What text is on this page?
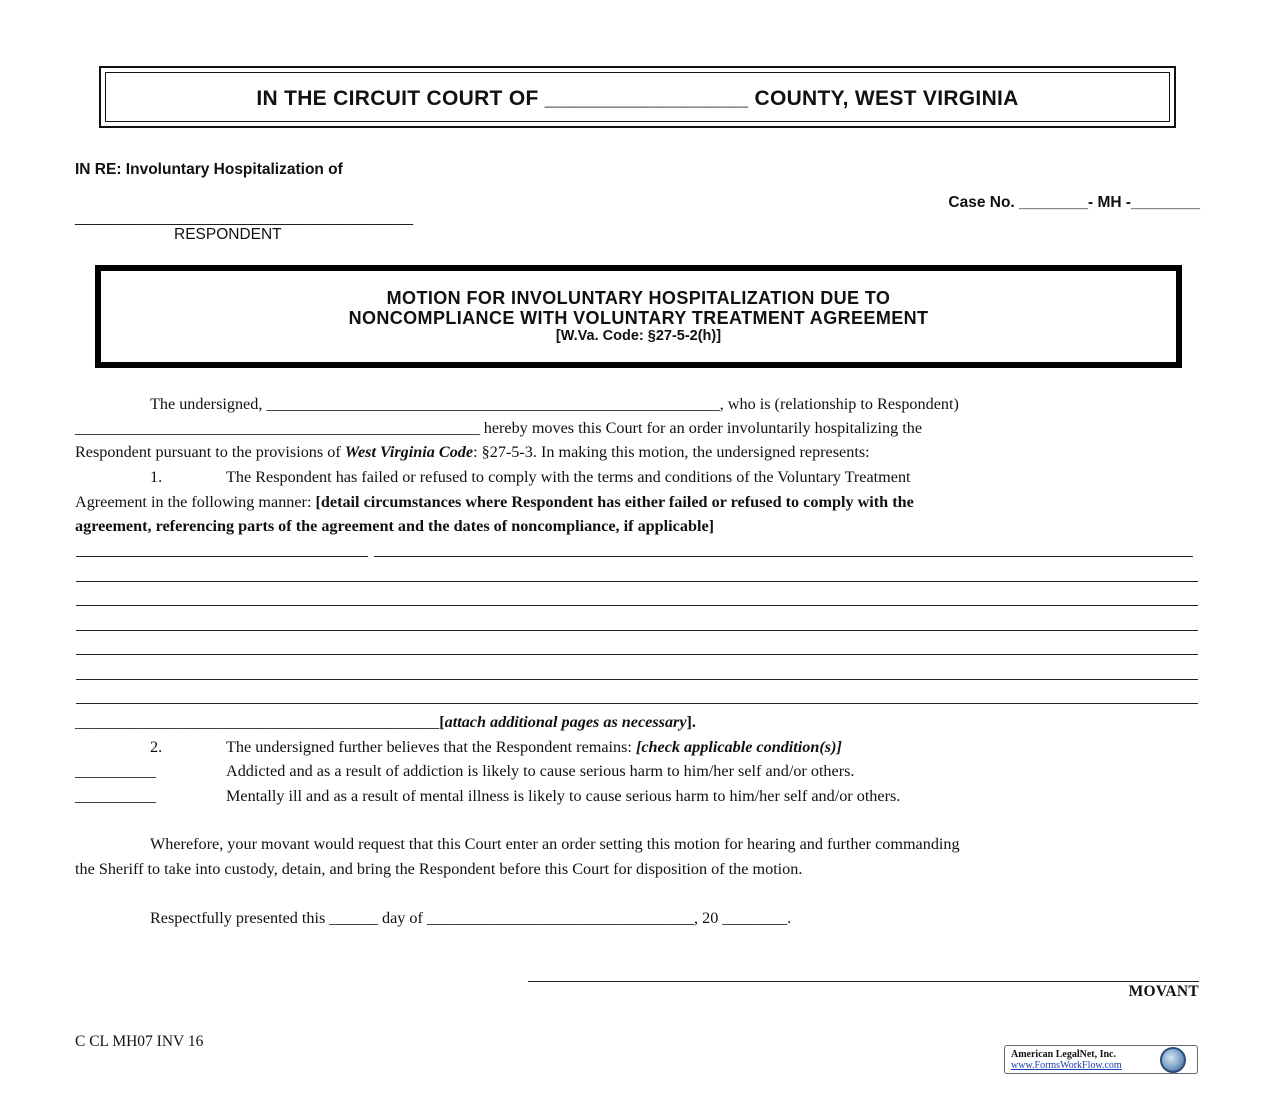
IN THE CIRCUIT COURT OF _________________ COUNTY, WEST VIRGINIA
IN RE: Involuntary Hospitalization of
Case No. ________- MH -________
__________________________________________
RESPONDENT
MOTION FOR INVOLUNTARY HOSPITALIZATION DUE TO
NONCOMPLIANCE WITH VOLUNTARY TREATMENT AGREEMENT
[W.Va. Code: §27-5-2(h)]
The undersigned, ________________________________________________________, who is (relationship to Respondent)
__________________________________________________ hereby moves this Court for an order involuntarily hospitalizing the
Respondent pursuant to the provisions of West Virginia Code: §27-5-3. In making this motion, the undersigned represents:
1.	The Respondent has failed or refused to comply with the terms and conditions of the Voluntary Treatment
Agreement in the following manner: [detail circumstances where Respondent has either failed or refused to comply with the
agreement, referencing parts of the agreement and the dates of noncompliance, if applicable]
_____________________________________________[attach additional pages as necessary].
2.	The undersigned further believes that the Respondent remains: [check applicable condition(s)]
__________	Addicted and as a result of addiction is likely to cause serious harm to him/her self and/or others.
__________	Mentally ill and as a result of mental illness is likely to cause serious harm to him/her self and/or others.
Wherefore, your movant would request that this Court enter an order setting this motion for hearing and further commanding
the Sheriff to take into custody, detain, and bring the Respondent before this Court for disposition of the motion.
Respectfully presented this ______ day of _________________________________, 20 ________.
MOVANT
C CL MH07 INV 16
American LegalNet, Inc.
www.FormsWorkFlow.com
